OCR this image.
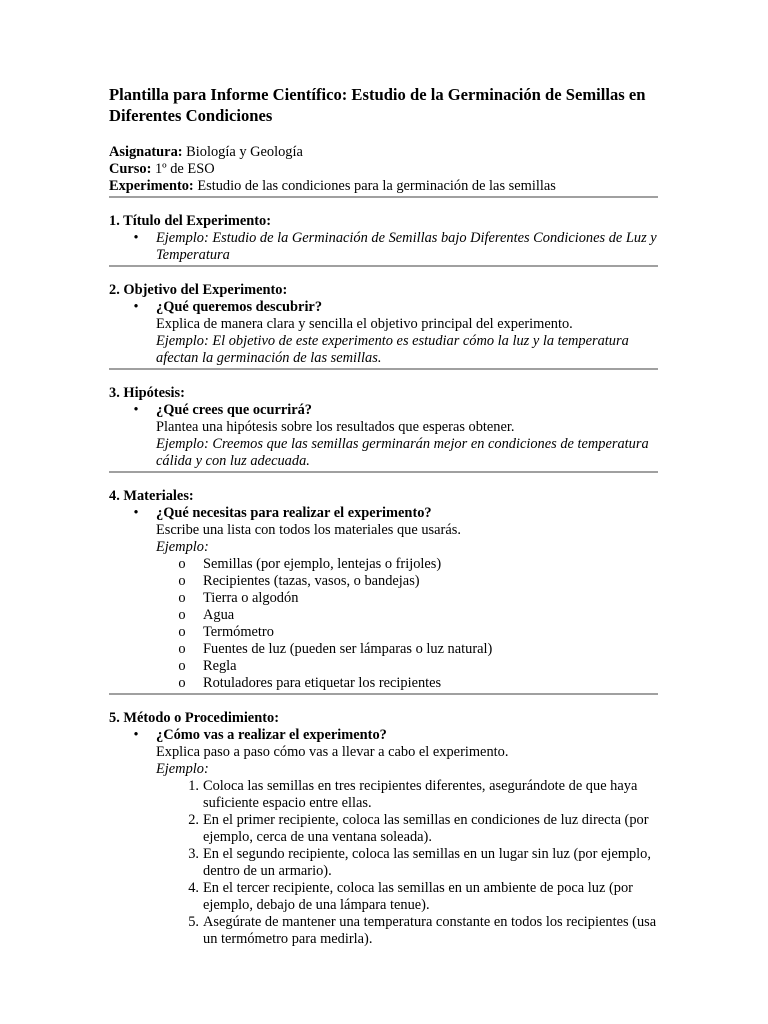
Plantilla para Informe Científico: Estudio de la Germinación de Semillas en Diferentes Condiciones

Asignatura: Biología y Geología

Curso: 1º de ESO

Experimento: Estudio de las condiciones para la germinación de las semillas

1. Título del Experimento:

• Ejemplo: Estudio de la Germinación de Semillas bajo Diferentes Condiciones de Luz y Temperatura

2. Objetivo del Experimento:

• ¿Qué queremos descubrir?
Explica de manera clara y sencilla el objetivo principal del experimento.
Ejemplo: El objetivo de este experimento es estudiar cómo la luz y la temperatura afectan la germinación de las semillas.

3. Hipótesis:

• ¿Qué crees que ocurrirá?
Plantea una hipótesis sobre los resultados que esperas obtener.
Ejemplo: Creemos que las semillas germinarán mejor en condiciones de temperatura cálida y con luz adecuada.

4. Materiales:

• ¿Qué necesitas para realizar el experimento?
Escribe una lista con todos los materiales que usarás.
Ejemplo:

o Semillas (por ejemplo, lentejas o frijoles)

o Recipientes (tazas, vasos, o bandejas)

o Tierra o algodón

o Agua

o Termómetro

o Fuentes de luz (pueden ser lámparas o luz natural)

o Regla

o Rotuladores para etiquetar los recipientes

5. Método o Procedimiento:

• ¿Cómo vas a realizar el experimento?
Explica paso a paso cómo vas a llevar a cabo el experimento.
Ejemplo:

1. Coloca las semillas en tres recipientes diferentes, asegurándote de que haya suficiente espacio entre ellas.

2. En el primer recipiente, coloca las semillas en condiciones de luz directa (por ejemplo, cerca de una ventana soleada).

3. En el segundo recipiente, coloca las semillas en un lugar sin luz (por ejemplo, dentro de un armario).

4. En el tercer recipiente, coloca las semillas en un ambiente de poca luz (por ejemplo, debajo de una lámpara tenue).

5. Asegúrate de mantener una temperatura constante en todos los recipientes (usa un termómetro para medirla).
